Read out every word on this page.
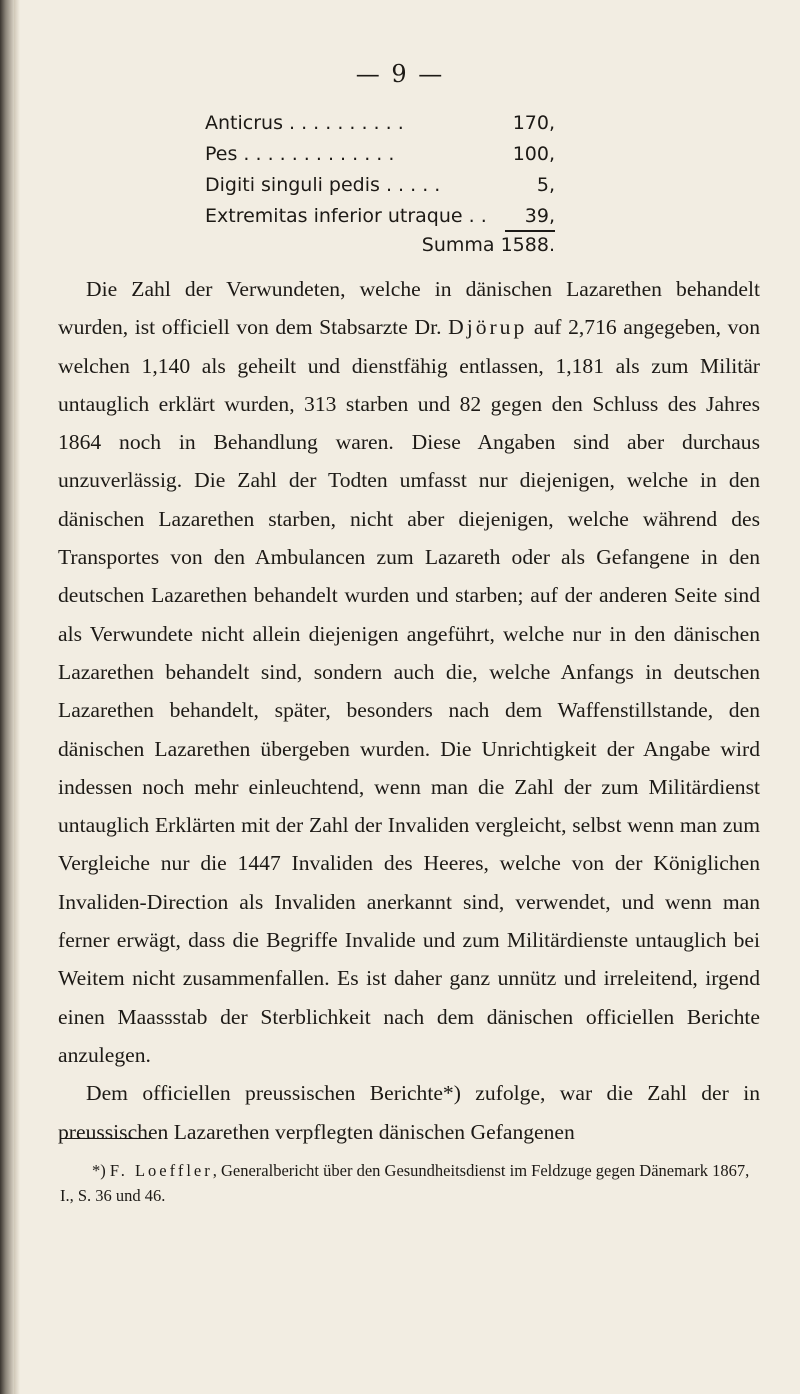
— 9 —
Anticrus . . . . . . . . . .	170,
Pes . . . . . . . . . . . . .	100,
Digiti singuli pedis . . . . .	5,
Extremitas inferior utraque . .	39,
Summa 1588.

Die Zahl der Verwundeten, welche in dänischen Lazarethen behandelt wurden, ist officiell von dem Stabsarzte Dr. Djörup auf 2,716 angegeben, von welchen 1,140 als geheilt und dienstfähig entlassen, 1,181 als zum Militär untauglich erklärt wurden, 313 starben und 82 gegen den Schluss des Jahres 1864 noch in Behandlung waren. Diese Angaben sind aber durchaus unzuverlässig. Die Zahl der Todten umfasst nur diejenigen, welche in den dänischen Lazarethen starben, nicht aber diejenigen, welche während des Transportes von den Ambulancen zum Lazareth oder als Gefangene in den deutschen Lazarethen behandelt wurden und starben; auf der anderen Seite sind als Verwundete nicht allein diejenigen angeführt, welche nur in den dänischen Lazarethen behandelt sind, sondern auch die, welche Anfangs in deutschen Lazarethen behandelt, später, besonders nach dem Waffenstillstande, den dänischen Lazarethen übergeben wurden. Die Unrichtigkeit der Angabe wird indessen noch mehr einleuchtend, wenn man die Zahl der zum Militärdienst untauglich Erklärten mit der Zahl der Invaliden vergleicht, selbst wenn man zum Vergleiche nur die 1447 Invaliden des Heeres, welche von der Königlichen Invaliden-Direction als Invaliden anerkannt sind, verwendet, und wenn man ferner erwägt, dass die Begriffe Invalide und zum Militärdienste untauglich bei Weitem nicht zusammenfallen. Es ist daher ganz unnütz und irreleitend, irgend einen Maassstab der Sterblichkeit nach dem dänischen officiellen Berichte anzulegen.

Dem officiellen preussischen Berichte*) zufolge, war die Zahl der in preussischen Lazarethen verpflegten dänischen Gefangenen

*) F. Loeffler, Generalbericht über den Gesundheitsdienst im Feldzuge gegen Dänemark 1867, I., S. 36 und 46.
